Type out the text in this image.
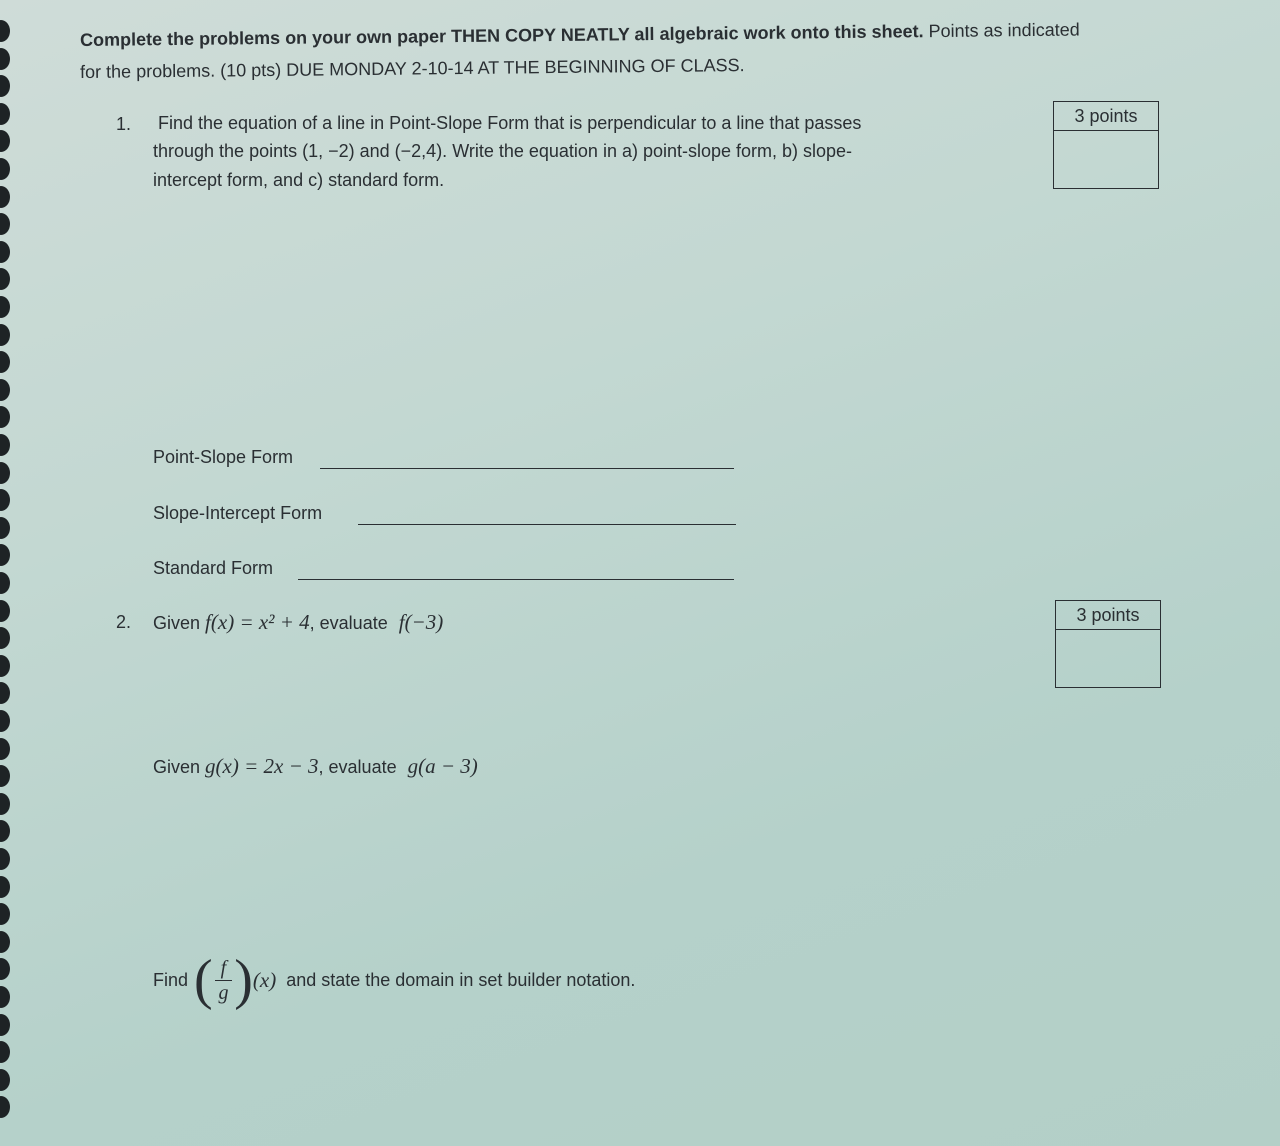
Complete the problems on your own paper THEN COPY NEATLY all algebraic work onto this sheet. Points as indicated
for the problems. (10 pts) DUE MONDAY 2-10-14 AT THE BEGINNING OF CLASS.
1. Find the equation of a line in Point-Slope Form that is perpendicular to a line that passes
through the points (1, −2) and (−2,4). Write the equation in a) point-slope form, b) slope-
intercept form, and c) standard form.
3 points
Point-Slope Form
Slope-Intercept Form
Standard Form
2. Given f(x) = x² + 4, evaluate f(−3)	3 points
Given g(x) = 2x − 3, evaluate g(a − 3)
Find ( $\frac{f}{g}$ ) (x) and state the domain in set builder notation.
